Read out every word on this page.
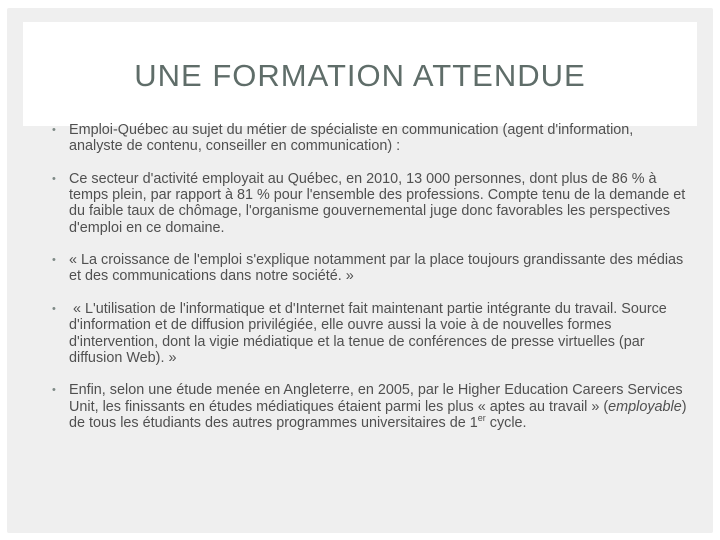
UNE FORMATION ATTENDUE
• Emploi-Québec au sujet du métier de spécialiste en communication (agent d'information, analyste de contenu, conseiller en communication) :
• Ce secteur d'activité employait au Québec, en 2010, 13 000 personnes, dont plus de 86 % à temps plein, par rapport à 81 % pour l'ensemble des professions. Compte tenu de la demande et du faible taux de chômage, l'organisme gouvernemental juge donc favorables les perspectives d'emploi en ce domaine.
• « La croissance de l'emploi s'explique notamment par la place toujours grandissante des médias et des communications dans notre société. »
• « L'utilisation de l'informatique et d'Internet fait maintenant partie intégrante du travail. Source d'information et de diffusion privilégiée, elle ouvre aussi la voie à de nouvelles formes d'intervention, dont la vigie médiatique et la tenue de conférences de presse virtuelles (par diffusion Web). »
• Enfin, selon une étude menée en Angleterre, en 2005, par le Higher Education Careers Services Unit, les finissants en études médiatiques étaient parmi les plus « aptes au travail » (employable) de tous les étudiants des autres programmes universitaires de 1er cycle.
